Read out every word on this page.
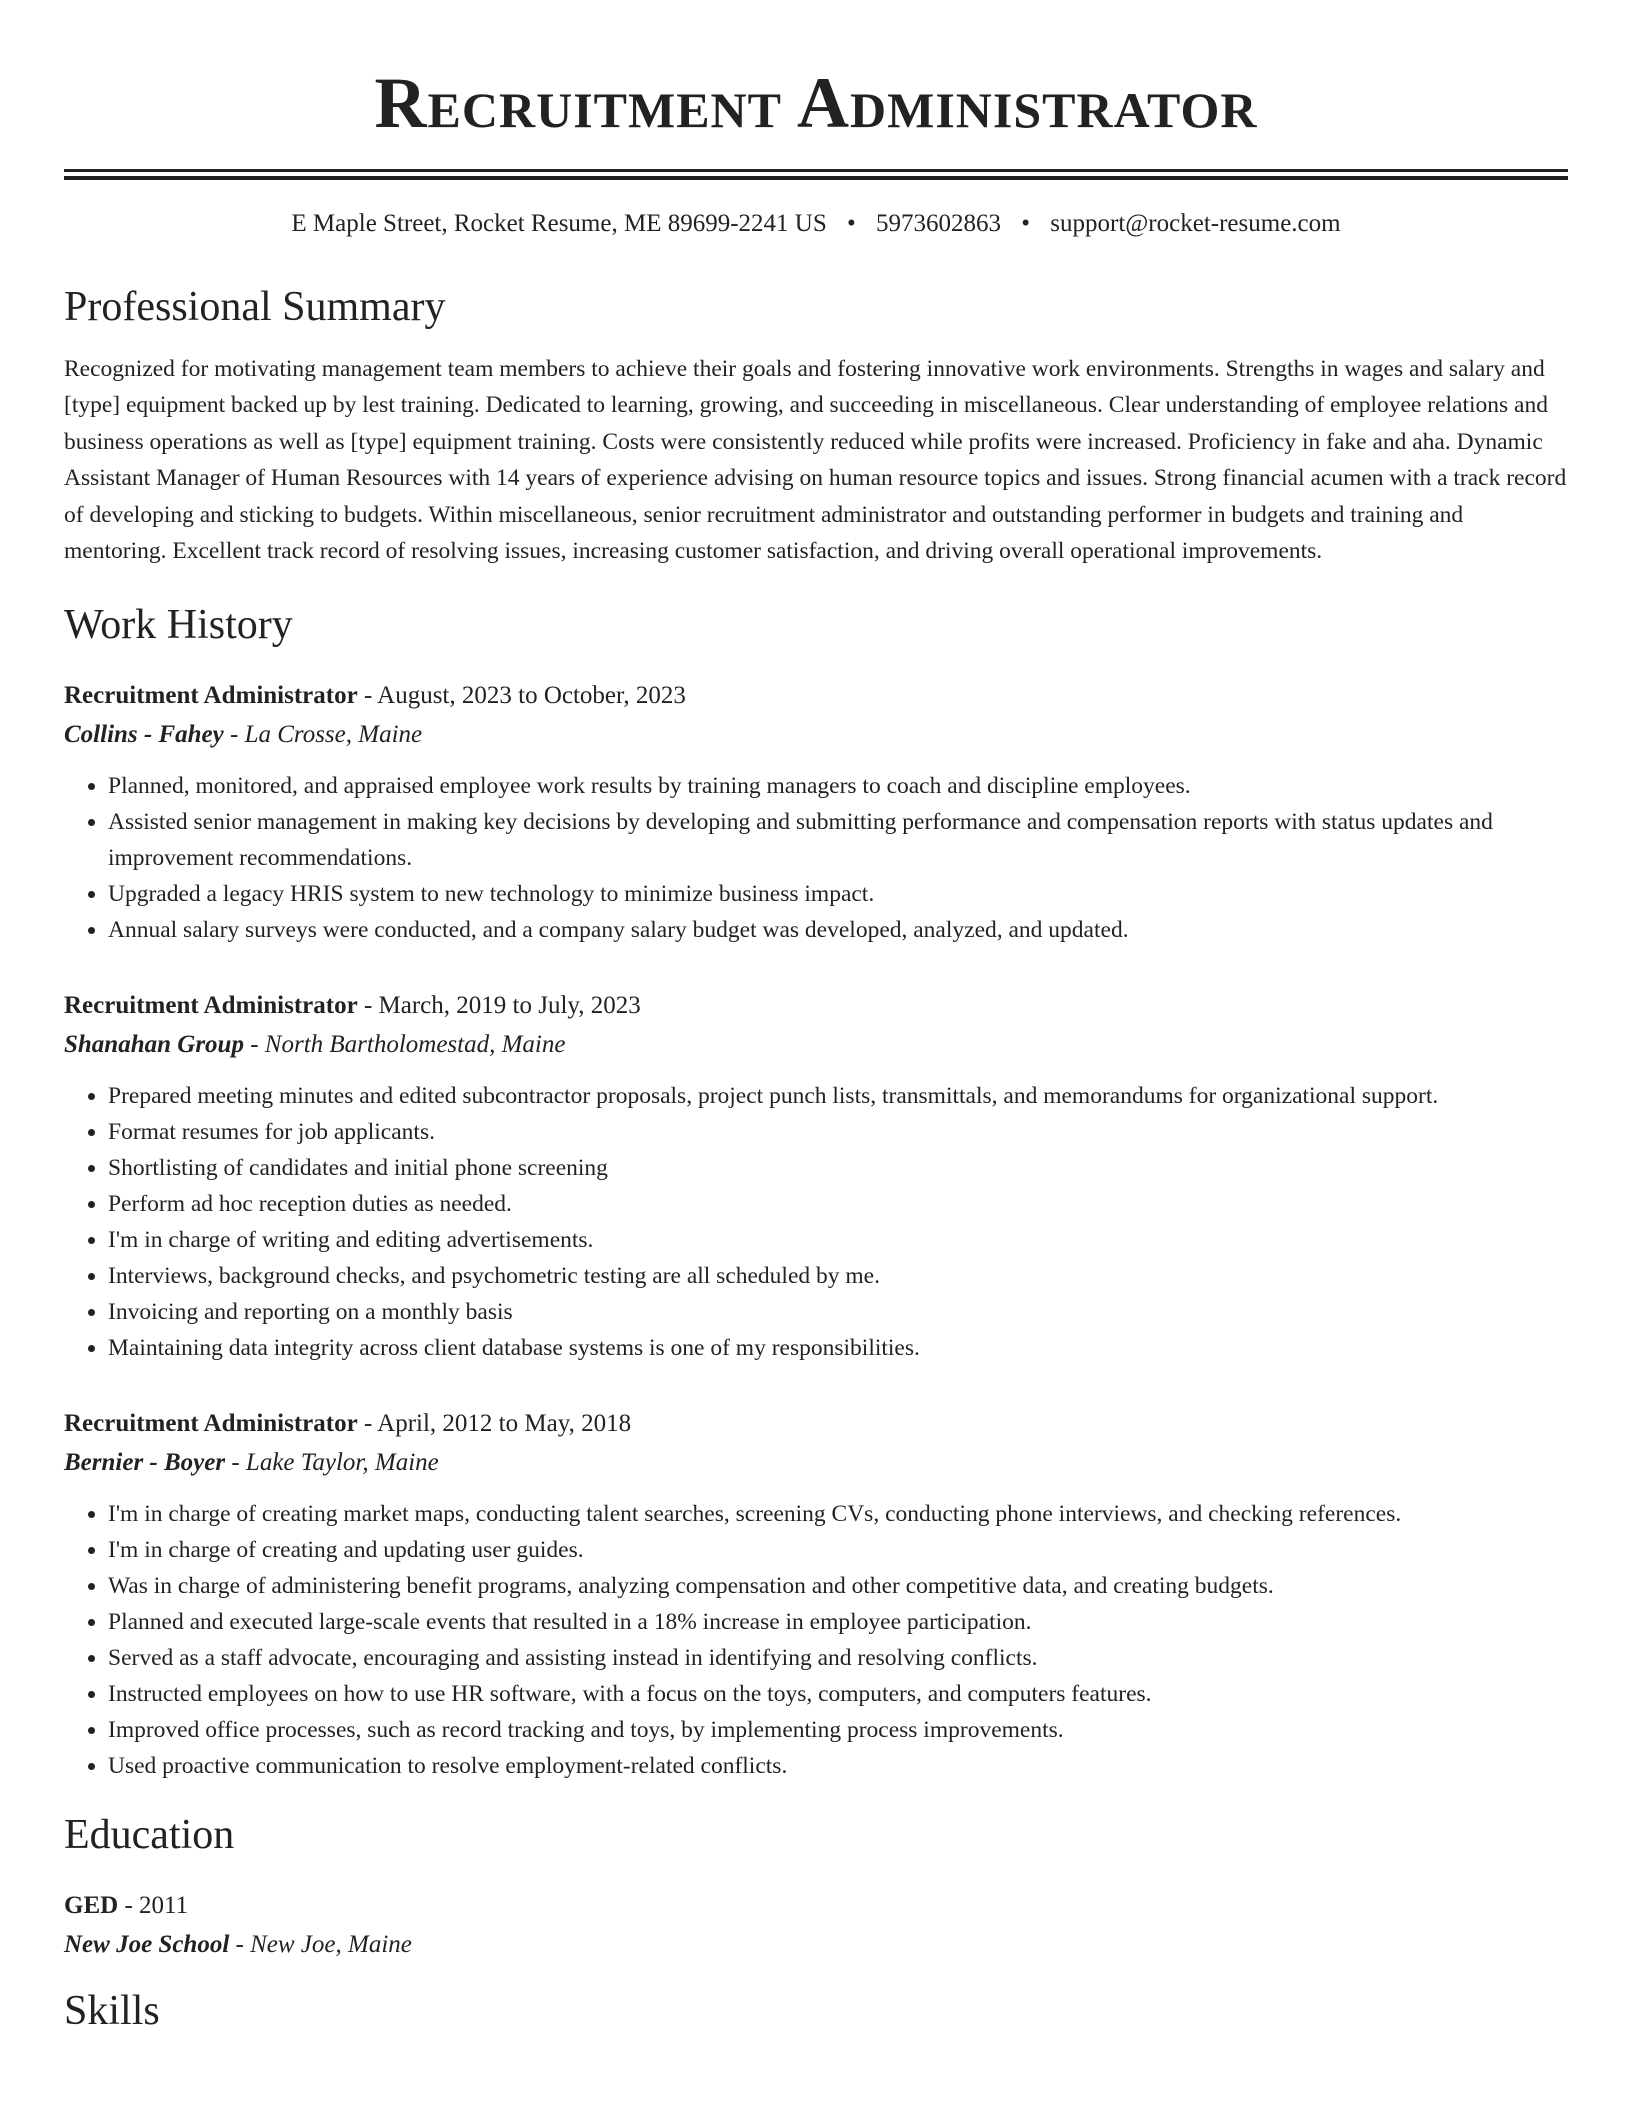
Recruitment Administrator
E Maple Street, Rocket Resume, ME 89699-2241 US • 5973602863 • support@rocket-resume.com
Professional Summary

Recognized for motivating management team members to achieve their goals and fostering innovative work environments. Strengths in wages and salary and [type] equipment backed up by lest training. Dedicated to learning, growing, and succeeding in miscellaneous. Clear understanding of employee relations and business operations as well as [type] equipment training. Costs were consistently reduced while profits were increased. Proficiency in fake and aha. Dynamic Assistant Manager of Human Resources with 14 years of experience advising on human resource topics and issues. Strong financial acumen with a track record of developing and sticking to budgets. Within miscellaneous, senior recruitment administrator and outstanding performer in budgets and training and mentoring. Excellent track record of resolving issues, increasing customer satisfaction, and driving overall operational improvements.

Work History
Recruitment Administrator - August, 2023 to October, 2023
Collins - Fahey - La Crosse, Maine
• Planned, monitored, and appraised employee work results by training managers to coach and discipline employees.
• Assisted senior management in making key decisions by developing and submitting performance and compensation reports with status updates and improvement recommendations.
• Upgraded a legacy HRIS system to new technology to minimize business impact.
• Annual salary surveys were conducted, and a company salary budget was developed, analyzed, and updated.
Recruitment Administrator - March, 2019 to July, 2023
Shanahan Group - North Bartholomestad, Maine
• Prepared meeting minutes and edited subcontractor proposals, project punch lists, transmittals, and memorandums for organizational support.
• Format resumes for job applicants.
• Shortlisting of candidates and initial phone screening
• Perform ad hoc reception duties as needed.
• I'm in charge of writing and editing advertisements.
• Interviews, background checks, and psychometric testing are all scheduled by me.
• Invoicing and reporting on a monthly basis
• Maintaining data integrity across client database systems is one of my responsibilities.
Recruitment Administrator - April, 2012 to May, 2018
Bernier - Boyer - Lake Taylor, Maine
• I'm in charge of creating market maps, conducting talent searches, screening CVs, conducting phone interviews, and checking references.
• I'm in charge of creating and updating user guides.
• Was in charge of administering benefit programs, analyzing compensation and other competitive data, and creating budgets.
• Planned and executed large-scale events that resulted in a 18% increase in employee participation.
• Served as a staff advocate, encouraging and assisting instead in identifying and resolving conflicts.
• Instructed employees on how to use HR software, with a focus on the toys, computers, and computers features.
• Improved office processes, such as record tracking and toys, by implementing process improvements.
• Used proactive communication to resolve employment-related conflicts.
Education
GED - 2011
New Joe School - New Joe, Maine
Skills
